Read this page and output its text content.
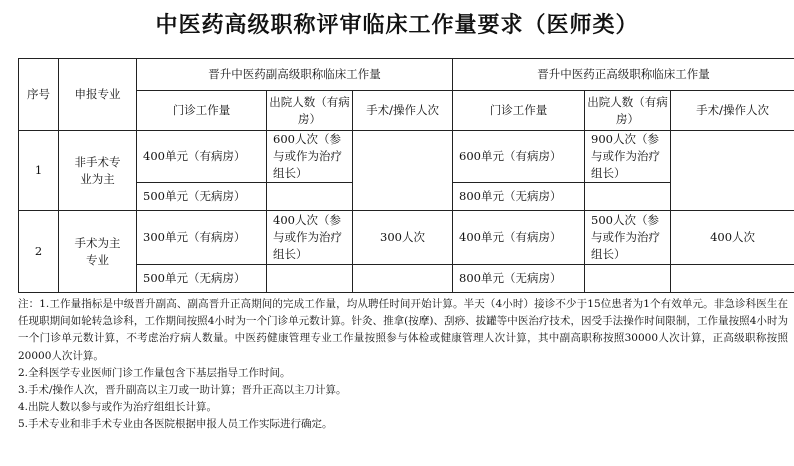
中医药高级职称评审临床工作量要求（医师类）
序号	申报专业	晋升中医药副高级职称临床工作量			晋升中医药正高级职称临床工作量		
		门诊工作量	出院人数（有病房）	手术/操作人次	门诊工作量	出院人数（有病房）	手术/操作人次
1	非手术专业为主	400单元（有病房）	600人次（参与或作为治疗组长）		600单元（有病房）	900人次（参与或作为治疗组长）	
		500单元（无病房）			800单元（无病房）		
2	手术为主专业	300单元（有病房）	400人次（参与或作为治疗组长）	300人次	400单元（有病房）	500人次（参与或作为治疗组长）	400人次
		500单元（无病房）			800单元（无病房）		

注：1.工作量指标是中级晋升副高、副高晋升正高期间的完成工作量，均从聘任时间开始计算。半天（4小时）接诊不少于15位患者为1个有效单元。非急诊科医生在任现职期间如轮转急诊科，工作期间按照4小时为一个门诊单元数计算。针灸、推拿(按摩)、刮痧、拔罐等中医治疗技术，因受手法操作时间限制，工作量按照4小时为一个门诊单元数计算，不考虑治疗病人数量。中医药健康管理专业工作量按照参与体检或健康管理人次计算，其中副高职称按照30000人次计算，正高级职称按照20000人次计算。

2.全科医学专业医师门诊工作量包含下基层指导工作时间。

3.手术/操作人次，晋升副高以主刀或一助计算；晋升正高以主刀计算。

4.出院人数以参与或作为治疗组组长计算。

5.手术专业和非手术专业由各医院根据申报人员工作实际进行确定。
